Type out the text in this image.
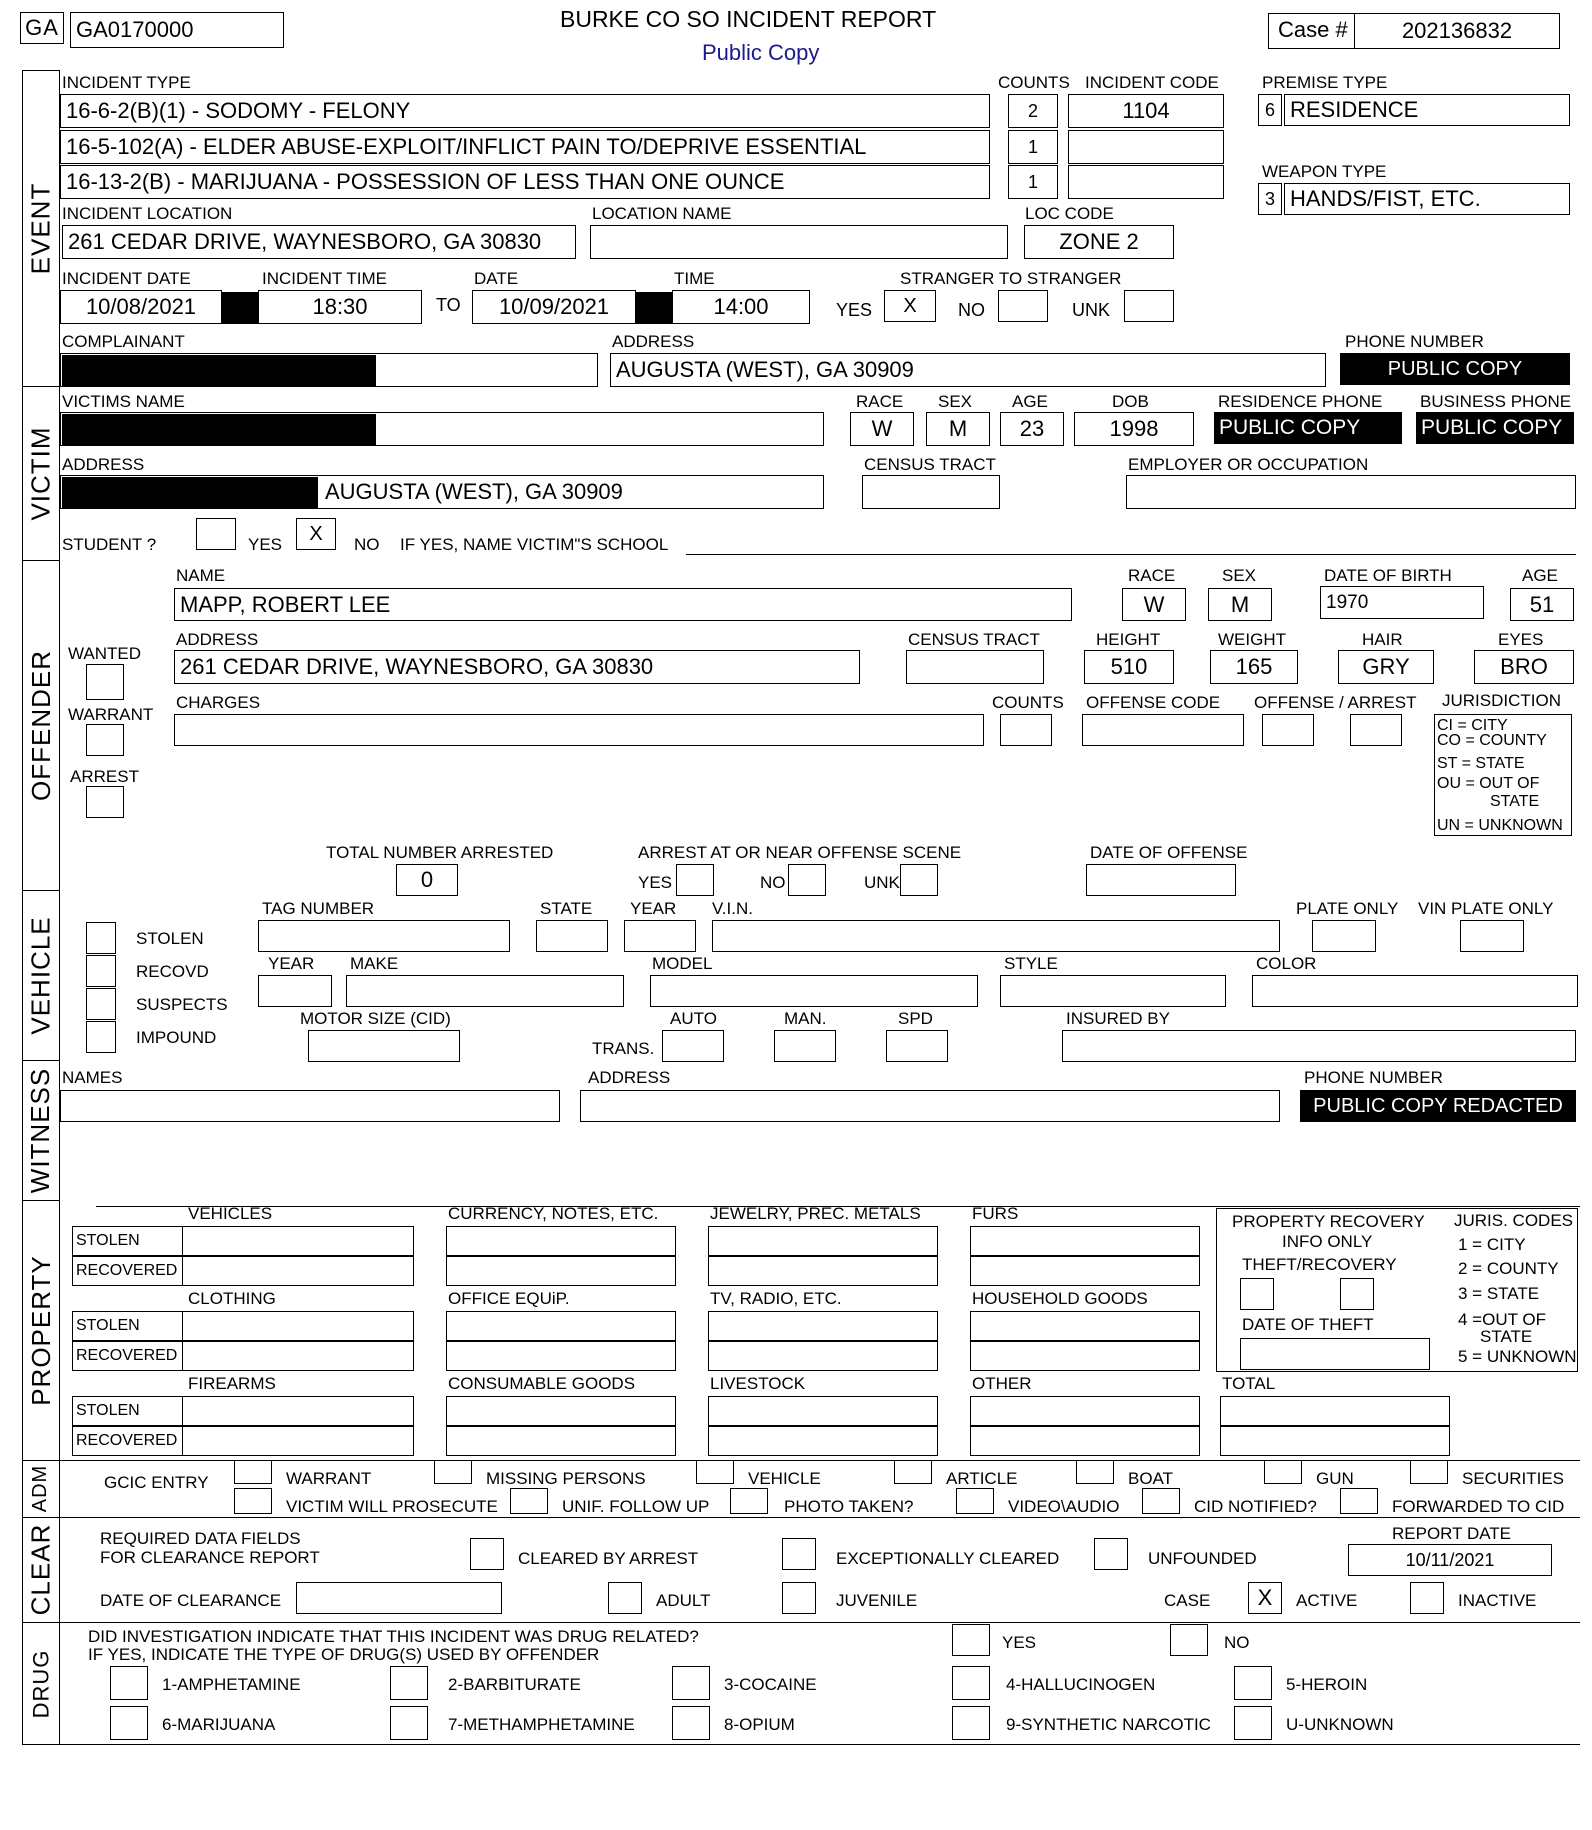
GA GA0170000	BURKE CO SO INCIDENT REPORT
Public Copy
Case # 202136832
EVENT
VICTIM
OFFENDER
VEHICLE
WITNESS
PROPERTY
ADM
CLEAR
DRUG
INCIDENT TYPE	COUNTS INCIDENT CODE	PREMISE TYPE
16-6-2(B)(1) - SODOMY - FELONY	2	1104
16-5-102(A) - ELDER ABUSE-EXPLOIT/INFLICT PAIN TO/DEPRIVE ESSENTIAL	1
16-13-2(B) - MARIJUANA - POSSESSION OF LESS THAN ONE OUNCE	1
6 RESIDENCE
WEAPON TYPE
3 HANDS/FIST, ETC.
INCIDENT LOCATION	LOCATION NAME	LOC CODE
261 CEDAR DRIVE, WAYNESBORO, GA 30830	ZONE 2
INCIDENT DATE	INCIDENT TIME	DATE	TIME	STRANGER TO STRANGER
10/08/2021	18:30	TO 10/09/2021	14:00	YES X NO	UNK
COMPLAINANT	ADDRESS	PHONE NUMBER
AUGUSTA (WEST), GA 30909	PUBLIC COPY
VICTIMS NAME	RACE SEX AGE	DOB	RESIDENCE PHONE BUSINESS PHONE
W	M 23	1998	PUBLIC COPY	PUBLIC COPY
ADDRESS	CENSUS TRACT	EMPLOYER OR OCCUPATION
AUGUSTA (WEST), GA 30909
STUDENT ?	YES X NO IF YES, NAME VICTIM"S SCHOOL
NAME	RACE	SEX	DATE OF BIRTH	AGE
MAPP, ROBERT LEE	W	M	1970	51
WANTED
WARRANT
ARREST
ADDRESS	CENSUS TRACT	HEIGHT	WEIGHT	HAIR	EYES
261 CEDAR DRIVE, WAYNESBORO, GA 30830	510	165	GRY	BRO
CHARGES	COUNTS OFFENSE CODE OFFENSE / ARREST JURISDICTION
CI = CITY
CO = COUNTY
ST = STATE
OU = OUT OF
STATE
UN = UNKNOWN
TOTAL NUMBER ARRESTED	ARREST AT OR NEAR OFFENSE SCENE	DATE OF OFFENSE
0	YES	NO	UNK
STOLEN
RECOVD
SUSPECTS
IMPOUND
TAG NUMBER	STATE YEAR V.I.N.	PLATE ONLY VIN PLATE ONLY
YEAR MAKE	MODEL	STYLE	COLOR
MOTOR SIZE (CID)	AUTO	MAN.	SPD	INSURED BY
TRANS.
NAMES	ADDRESS	PHONE NUMBER
PUBLIC COPY REDACTED
PROPERTY RECOVERY
INFO ONLY
THEFT/RECOVERY
DATE OF THEFT
JURIS. CODES
1 = CITY
2 = COUNTY
3 = STATE
4 =OUT OF
STATE
5 = UNKNOWN
GCIC ENTRY
REQUIRED DATA FIELDS
FOR CLEARANCE REPORT	CLEARED BY ARREST	EXCEPTIONALLY CLEARED	UNFOUNDED
REPORT DATE
10/11/2021
DATE OF CLEARANCE	ADULT	JUVENILE	CASE X ACTIVE	INACTIVE
DID INVESTIGATION INDICATE THAT THIS INCIDENT WAS DRUG RELATED?
IF YES, INDICATE THE TYPE OF DRUG(S) USED BY OFFENDER
YES	NO
VEHICLES
STOLEN
RECOVERED
CURRENCY, NOTES, ETC.	JEWELRY, PREC. METALS	FURS
CLOTHING
STOLEN
RECOVERED
OFFICE EQUiP.	TV, RADIO, ETC.	HOUSEHOLD GOODS
FIREARMS
STOLEN
RECOVERED
CONSUMABLE GOODS	LIVESTOCK	OTHER	TOTAL
WARRANT	MISSING PERSONS	VEHICLE	ARTICLE	BOAT	GUN	SECURITIES
VICTIM WILL PROSECUTE	UNIF. FOLLOW UP	PHOTO TAKEN?	VIDEO\AUDIO	CID NOTIFIED?	FORWARDED TO CID
1-AMPHETAMINE	2-BARBITURATE	3-COCAINE	4-HALLUCINOGEN	5-HEROIN
6-MARIJUANA	7-METHAMPHETAMINE	8-OPIUM	9-SYNTHETIC NARCOTIC	U-UNKNOWN
